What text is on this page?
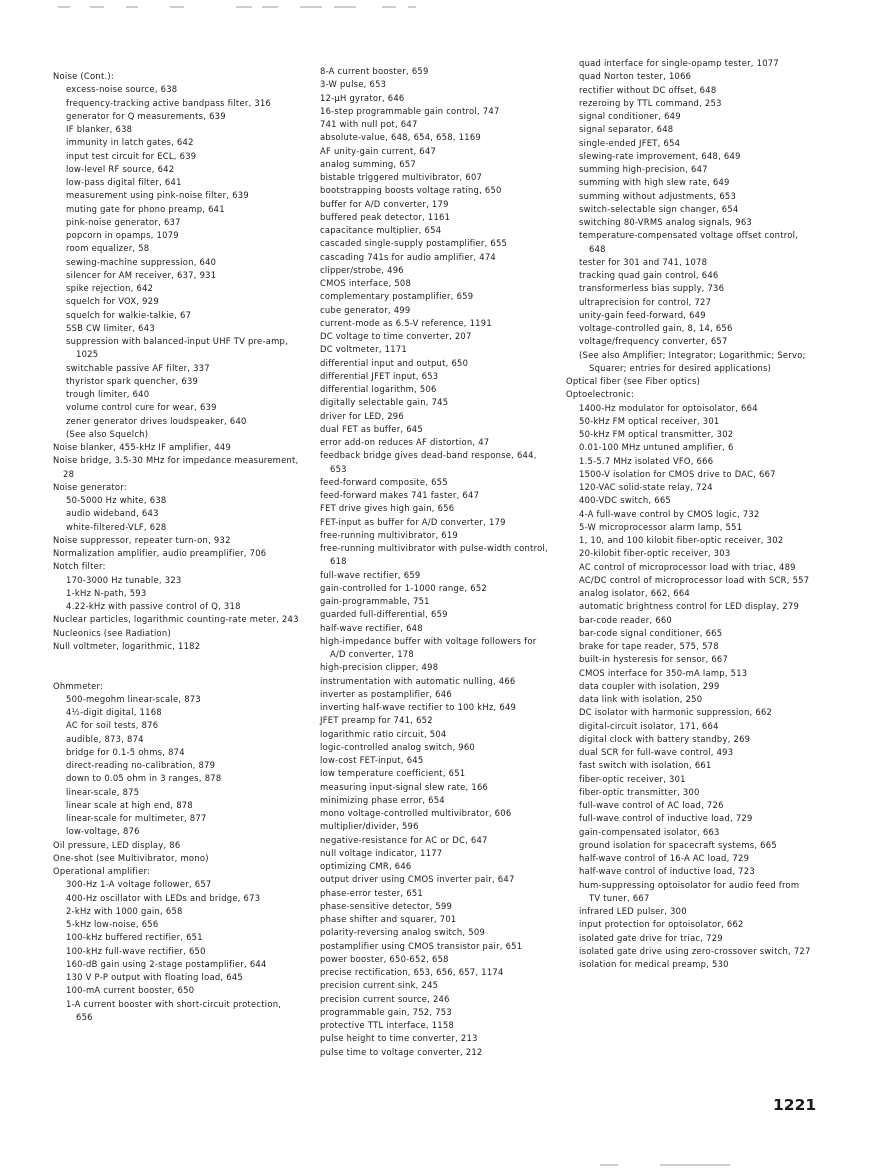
Noise (Cont.):
excess-noise source, 638
frequency-tracking active bandpass filter, 316
generator for Q measurements, 639
IF blanker, 638
immunity in latch gates, 642
input test circuit for ECL, 639
low-level RF source, 642
low-pass digital filter, 641
measurement using pink-noise filter, 639
muting gate for phono preamp, 641
pink-noise generator, 637
popcorn in opamps, 1079
room equalizer, 58
sewing-machine suppression, 640
silencer for AM receiver, 637, 931
spike rejection, 642
squelch for VOX, 929
squelch for walkie-talkie, 67
SSB CW limiter, 643
suppression with balanced-input UHF TV pre-amp, 1025
switchable passive AF filter, 337
thyristor spark quencher, 639
trough limiter, 640
volume control cure for wear, 639
zener generator drives loudspeaker, 640
(See also Squelch)
Noise blanker, 455-kHz IF amplifier, 449
Noise bridge, 3.5-30 MHz for impedance measurement, 28
Noise generator:
50-5000 Hz white, 638
audio wideband, 643
white-filtered-VLF, 628
Noise suppressor, repeater turn-on, 932
Normalization amplifier, audio preamplifier, 706
Notch filter:
170-3000 Hz tunable, 323
1-kHz N-path, 593
4.22-kHz with passive control of Q, 318
Nuclear particles, logarithmic counting-rate meter, 243
Nucleonics (see Radiation)
Null voltmeter, logarithmic, 1182
Ohmmeter:
500-megohm linear-scale, 873
4½-digit digital, 1168
AC for soil tests, 876
audible, 873, 874
bridge for 0.1-5 ohms, 874
direct-reading no-calibration, 879
down to 0.05 ohm in 3 ranges, 878
linear-scale, 875
linear scale at high end, 878
linear-scale for multimeter, 877
low-voltage, 876
Oil pressure, LED display, 86
One-shot (see Multivibrator, mono)
Operational amplifier:
300-Hz 1-A voltage follower, 657
400-Hz oscillator with LEDs and bridge, 673
2-kHz with 1000 gain, 658
5-kHz low-noise, 656
100-kHz buffered rectifier, 651
100-kHz full-wave rectifier, 650
160-dB gain using 2-stage postamplifier, 644
130 V P-P output with floating load, 645
100-mA current booster, 650
1-A current booster with short-circuit protection, 656
8-A current booster, 659
3-W pulse, 653
12-μH gyrator, 646
16-step programmable gain control, 747
741 with null pot, 647
absolute-value, 648, 654, 658, 1169
AF unity-gain current, 647
analog summing, 657
bistable triggered multivibrator, 607
bootstrapping boosts voltage rating, 650
buffer for A/D converter, 179
buffered peak detector, 1161
capacitance multiplier, 654
cascaded single-supply postamplifier, 655
cascading 741s for audio amplifier, 474
clipper/strobe, 496
CMOS interface, 508
complementary postamplifier, 659
cube generator, 499
current-mode as 6.5-V reference, 1191
DC voltage to time converter, 207
DC voltmeter, 1171
differential input and output, 650
differential JFET input, 653
differential logarithm, 506
digitally selectable gain, 745
driver for LED, 296
dual FET as buffer, 645
error add-on reduces AF distortion, 47
feedback bridge gives dead-band response, 644, 653
feed-forward composite, 655
feed-forward makes 741 faster, 647
FET drive gives high gain, 656
FET-input as buffer for A/D converter, 179
free-running multivibrator, 619
free-running multivibrator with pulse-width control, 618
full-wave rectifier, 659
gain-controlled for 1-1000 range, 652
gain-programmable, 751
guarded full-differential, 659
half-wave rectifier, 648
high-impedance buffer with voltage followers for A/D converter, 178
high-precision clipper, 498
instrumentation with automatic nulling, 466
inverter as postamplifier, 646
inverting half-wave rectifier to 100 kHz, 649
JFET preamp for 741, 652
logarithmic ratio circuit, 504
logic-controlled analog switch, 960
low-cost FET-input, 645
low temperature coefficient, 651
measuring input-signal slew rate, 166
minimizing phase error, 654
mono voltage-controlled multivibrator, 606
multiplier/divider, 596
negative-resistance for AC or DC, 647
null voltage indicator, 1177
optimizing CMR, 646
output driver using CMOS inverter pair, 647
phase-error tester, 651
phase-sensitive detector, 599
phase shifter and squarer, 701
polarity-reversing analog switch, 509
postamplifier using CMOS transistor pair, 651
power booster, 650-652, 658
precise rectification, 653, 656, 657, 1174
precision current sink, 245
precision current source, 246
programmable gain, 752, 753
protective TTL interface, 1158
pulse height to time converter, 213
pulse time to voltage converter, 212
quad interface for single-opamp tester, 1077
quad Norton tester, 1066
rectifier without DC offset, 648
rezeroing by TTL command, 253
signal conditioner, 649
signal separator, 648
single-ended JFET, 654
slewing-rate improvement, 648, 649
summing high-precision, 647
summing with high slew rate, 649
summing without adjustments, 653
switch-selectable sign changer, 654
switching 80-VRMS analog signals, 963
temperature-compensated voltage offset control, 648
tester for 301 and 741, 1078
tracking quad gain control, 646
transformerless bias supply, 736
ultraprecision for control, 727
unity-gain feed-forward, 649
voltage-controlled gain, 8, 14, 656
voltage/frequency converter, 657
(See also Amplifier; Integrator; Logarithmic; Servo; Squarer; entries for desired applications)
Optical fiber (see Fiber optics)
Optoelectronic:
1400-Hz modulator for optoisolator, 664
50-kHz FM optical receiver, 301
50-kHz FM optical transmitter, 302
0.01-100 MHz untuned amplifier, 6
1.5-5.7 MHz isolated VFO, 666
1500-V isolation for CMOS drive to DAC, 667
120-VAC solid-state relay, 724
400-VDC switch, 665
4-A full-wave control by CMOS logic, 732
5-W microprocessor alarm lamp, 551
1, 10, and 100 kilobit fiber-optic receiver, 302
20-kilobit fiber-optic receiver, 303
AC control of microprocessor load with triac, 489
AC/DC control of microprocessor load with SCR, 557
analog isolator, 662, 664
automatic brightness control for LED display, 279
bar-code reader, 660
bar-code signal conditioner, 665
brake for tape reader, 575, 578
built-in hysteresis for sensor, 667
CMOS interface for 350-mA lamp, 513
data coupler with isolation, 299
data link with isolation, 250
DC isolator with harmonic suppression, 662
digital-circuit isolator, 171, 664
digital clock with battery standby, 269
dual SCR for full-wave control, 493
fast switch with isolation, 661
fiber-optic receiver, 301
fiber-optic transmitter, 300
full-wave control of AC load, 726
full-wave control of inductive load, 729
gain-compensated isolator, 663
ground isolation for spacecraft systems, 665
half-wave control of 16-A AC load, 729
half-wave control of inductive load, 723
hum-suppressing optoisolator for audio feed from TV tuner, 667
infrared LED pulser, 300
input protection for optoisolator, 662
isolated gate drive for triac, 729
isolated gate drive using zero-crossover switch, 727
isolation for medical preamp, 530
1221
